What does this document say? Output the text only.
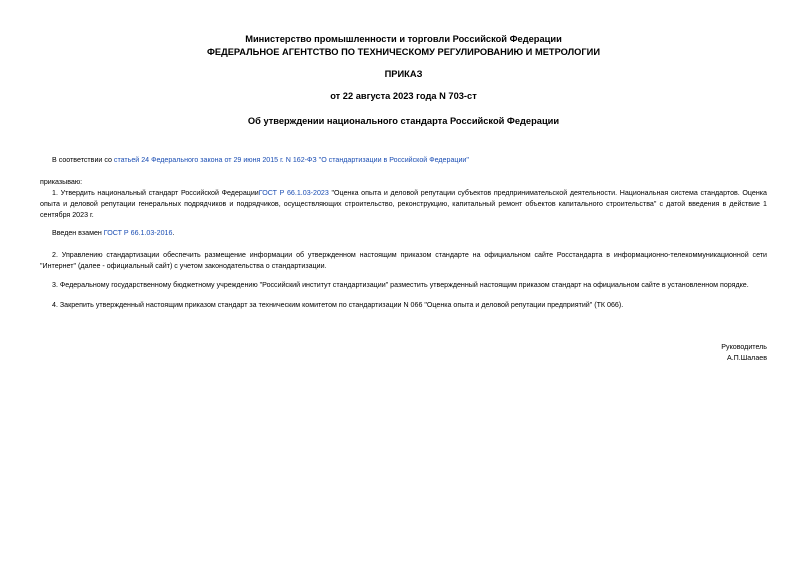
Министерство промышленности и торговли Российской Федерации
ФЕДЕРАЛЬНОЕ АГЕНТСТВО ПО ТЕХНИЧЕСКОМУ РЕГУЛИРОВАНИЮ И МЕТРОЛОГИИ
ПРИКАЗ
от 22 августа 2023 года N 703-ст
Об утверждении национального стандарта Российской Федерации
В соответствии со статьей 24 Федерального закона от 29 июня 2015 г. N 162-ФЗ "О стандартизации в Российской Федерации"
приказываю:
1. Утвердить национальный стандарт Российской ФедерацииГОСТ Р 66.1.03-2023 "Оценка опыта и деловой репутации субъектов предпринимательской деятельности. Национальная система стандартов. Оценка опыта и деловой репутации генеральных подрядчиков и подрядчиков, осуществляющих строительство, реконструкцию, капитальный ремонт объектов капитального строительства" с датой введения в действие 1 сентября 2023 г.
Введен взамен ГОСТ Р 66.1.03-2016.
2. Управлению стандартизации обеспечить размещение информации об утвержденном настоящим приказом стандарте на официальном сайте Росстандарта в информационно-телекоммуникационной сети "Интернет" (далее - официальный сайт) с учетом законодательства о стандартизации.
3. Федеральному государственному бюджетному учреждению "Российский институт стандартизации" разместить утвержденный настоящим приказом стандарт на официальном сайте в установленном порядке.
4. Закрепить утвержденный настоящим приказом стандарт за техническим комитетом по стандартизации N 066 "Оценка опыта и деловой репутации предприятий" (ТК 066).
Руководитель
А.П.Шалаев
